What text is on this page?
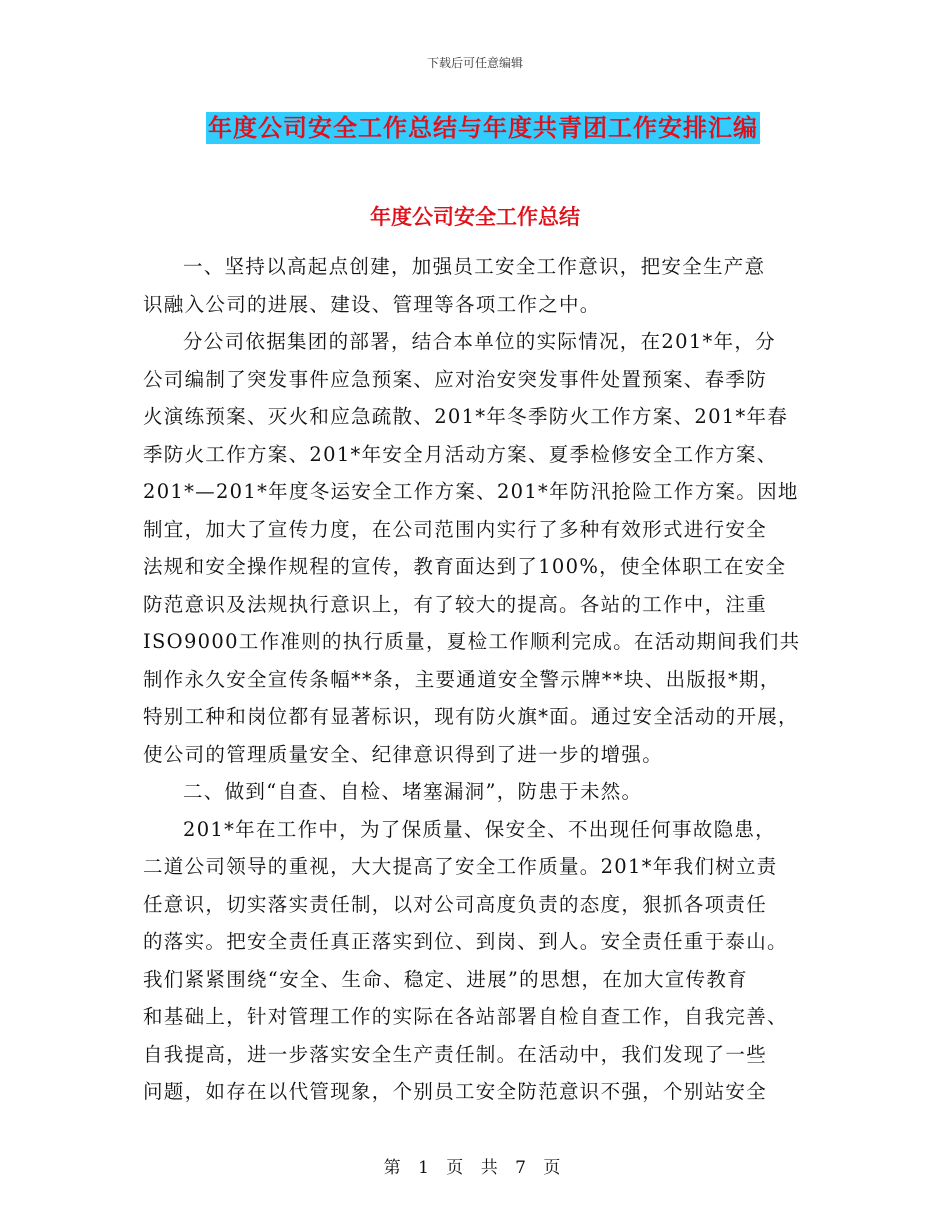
下载后可任意编辑
年度公司安全工作总结与年度共青团工作安排汇编
年度公司安全工作总结
一、坚持以高起点创建，加强员工安全工作意识，把安全生产意
识融入公司的进展、建设、管理等各项工作之中。
分公司依据集团的部署，结合本单位的实际情况，在201*年，分
公司编制了突发事件应急预案、应对治安突发事件处置预案、春季防
火演练预案、灭火和应急疏散、201*年冬季防火工作方案、201*年春
季防火工作方案、201*年安全月活动方案、夏季检修安全工作方案、
201*—201*年度冬运安全工作方案、201*年防汛抢险工作方案。因地
制宜，加大了宣传力度，在公司范围内实行了多种有效形式进行安全
法规和安全操作规程的宣传，教育面达到了100%，使全体职工在安全
防范意识及法规执行意识上，有了较大的提高。各站的工作中，注重
ISO9000工作准则的执行质量，夏检工作顺利完成。在活动期间我们共
制作永久安全宣传条幅**条，主要通道安全警示牌**块、出版报*期，
特别工种和岗位都有显著标识，现有防火旗*面。通过安全活动的开展，
使公司的管理质量安全、纪律意识得到了进一步的增强。
二、做到“自查、自检、堵塞漏洞”，防患于未然。
201*年在工作中，为了保质量、保安全、不出现任何事故隐患，
二道公司领导的重视，大大提高了安全工作质量。201*年我们树立责
任意识，切实落实责任制，以对公司高度负责的态度，狠抓各项责任
的落实。把安全责任真正落实到位、到岗、到人。安全责任重于泰山。
我们紧紧围绕“安全、生命、稳定、进展”的思想，在加大宣传教育
和基础上，针对管理工作的实际在各站部署自检自查工作，自我完善、
自我提高，进一步落实安全生产责任制。在活动中，我们发现了一些
问题，如存在以代管现象，个别员工安全防范意识不强，个别站安全
第 1 页 共 7 页
